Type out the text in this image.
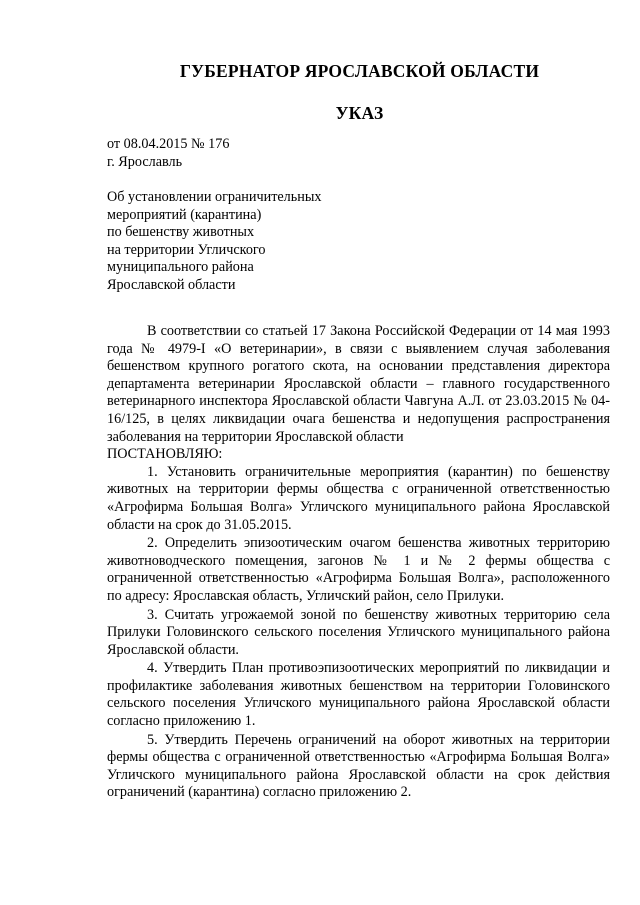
ГУБЕРНАТОР ЯРОСЛАВСКОЙ ОБЛАСТИ
УКАЗ
от 08.04.2015 № 176
г. Ярославль
Об установлении ограничительных
мероприятий (карантина)
по бешенству животных
на территории Угличского
муниципального района
Ярославской области

В соответствии со статьей 17 Закона Российской Федерации от 14 мая 1993 года № 4979-I «О ветеринарии», в связи с выявлением случая заболевания бешенством крупного рогатого скота, на основании представления директора департамента ветеринарии Ярославской области – главного государственного ветеринарного инспектора Ярославской области Чавгуна А.Л. от 23.03.2015 № 04-16/125, в целях ликвидации очага бешенства и недопущения распространения заболевания на территории Ярославской области

ПОСТАНОВЛЯЮ:

1. Установить ограничительные мероприятия (карантин) по бешенству животных на территории фермы общества с ограниченной ответственностью «Агрофирма Большая Волга» Угличского муниципального района Ярославской области на срок до 31.05.2015.

2. Определить эпизоотическим очагом бешенства животных территорию животноводческого помещения, загонов № 1 и № 2 фермы общества с ограниченной ответственностью «Агрофирма Большая Волга», расположенного по адресу: Ярославская область, Угличский район, село Прилуки.

3. Считать угрожаемой зоной по бешенству животных территорию села Прилуки Головинского сельского поселения Угличского муниципального района Ярославской области.

4. Утвердить План противоэпизоотических мероприятий по ликвидации и профилактике заболевания животных бешенством на территории Головинского сельского поселения Угличского муниципального района Ярославской области согласно приложению 1.

5. Утвердить Перечень ограничений на оборот животных на территории фермы общества с ограниченной ответственностью «Агрофирма Большая Волга» Угличского муниципального района Ярославской области на срок действия ограничений (карантина) согласно приложению 2.
